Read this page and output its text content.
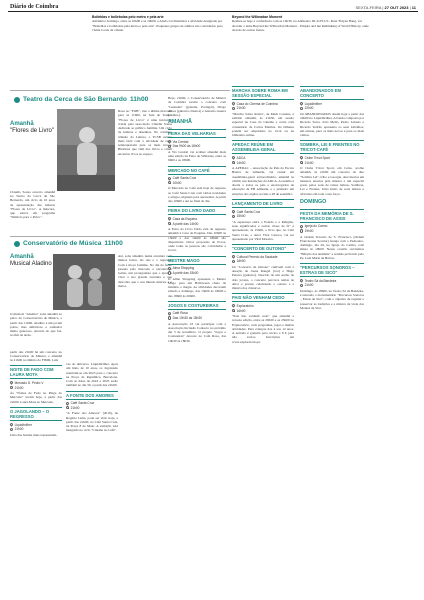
Diário de Coimbra	SEXTA-FEIRA | 27 OUT 2023 | 11
Bolleblas e bollebolas pelo metro e pela arte
Amanhã e domingo, entre as 10h00 e as 19h00, a Abela vai dinamizar a atividade designada por "Bolleblas e bollebolas pela metro e pela arte". Pequenos grupos de adultos são convidados para visitar locais da cidade.
Beyond the Willowdan Moment
Realiza-se hoje a conferência com as 14h30, no Anfiteatro III da FLUC. Peter Fidyan Bang, vai abordar o tema Beyond the Willowdan Moment – Empire and the Rethinking of World History, onde através de outras fontes.
Teatro da Cerca de São Bernardo 11h00
Amanhã
"Flores de Livro"

Cláudia Sousa encerra amanhã no Teatro da Cerca de São Bernardo, um ciclo de 10 anos de apresentação das leituras "Flores de Livro". A máscara, que esteve em programa "Silêncio para o Palco".

Conservatório de Música 11h00
Amanhã
Musical Aladino

O musical "Aladino" sobe amanhã ao palco do Conservatório de Música, a partir das 11h00. Aladino é um jovem pobre, mas ambicioso e sonhador muito generoso. Através do que faz, no fim da tarde.

partir das 21h00 há um concerto no Conservatório de Música, e amanhã às 21h00 no âmbito do FIMD. Luís

NOITE DE FADO COM LAURA MOTA
Mercado D. Pedro V
21h00

Às "Noites de Fado no Pinga do Mercado" levam hoje, a partir das 21h00, Laura Mota ao Mercado.

O JAGOLANDO – O REGRESSO
Liquidbrilher
21h00

Uma das bandas mais representati-

Rosa no "FOB", traz a última marcada para as 11h00, na Sala do Teatro. "Flores de Livro" é uma iniciativa criada pela associação Cláudia Sousa dedicada ao público familiar. Um ciclo de leituras e desenhos. No contínuo trânsito da Leitura, o TCSB estaria mais fácil com a atividade de ruas, reinterpretada para os mais novos. Histórias que vêm dos livros e criam encantos vivos no espaço.

Até, sobe amanhã, numa aventura com muitos feitos. Os reis e o regresso. Com a moça Jasmine. No dia da festa, passeia pelo mercado e encontra o Génio, um protagonista que o ajuda a viver a sua grande aventura e que descobre que o seu mundo interior é o maior.

vas do universo. Liquidbrilher. Após um hiato de 10 anos, os Jagolando reuniram-se em 2023 para o concerto na Praça da República, Barcelona. Com as datas de 2024 e 2025 serão também no dia 30, a partir das 21h00.

A FONTE DOS AMORES
Café Santa Cruz
21h00

"A Fonte dos Amores" (2016), de Rogério Lima, pode ser visto hoje, a partir das 21h00, no Café Santa Cruz, na Praça 8 de Maio. A exibição está integrada no ciclo "Cinema no Café".

Hoje, 21h00, o Conservatório de Música de Coimbra recebe o concerto com "Lusiadas" (gratuita, Portugal), Diogo Alves (guitarra clássica) e Antonio Guerra (violino).

AMANHÃ
FEIRA DAS VELHARIAS
Via Central
Das 9h00 às 18h00

A Via Central vai acolher amanhã mais uma edição da Feira de Velharias, entre as 9h00 e as 18h00.

MERCADO NO CAFÉ
Café Santa Cruz
10h00

O Mercado no Café está hoje de regresso ao Café Santa Cruz com várias novidades e artigos originais para apresentar. A partir das 10h00 e até ao final do dia.

FEIRA DO LIVRO DADO
Casa da Esquina
A partir das 14h00

A Feira do Livro Dado está de regresso amanhã à Casa da Esquina. Das 10h00 às 13h00 e das 14h00 às 18h00 são disponíveis vários propostas de livros, onde todas as pessoas são convidadas a trocar.

MESTRE MAGO
Alma Shopping
A partir das 15h00

O Alma Shopping apresenta o Mestre Mago para um Halloween cheio de mistério e magia. As atividades decorrem sábado e domingo, das 15h00 às 18h00 e das 18h00 às 20h00.

JOGOS E COSTUREIRAS
Café Rosa
Das 10h30 às 18h30

A Associação 23 vai participar com a Associação Inclusão Contacto no próximo dia 3 de novembro. O projeto "Jogos e Costureiras" decorre no Café Rosa, das 10h30 às 18h30.

MARCHA SOBRE ROMA EM SESSÃO ESPECIAL
Casa do Cinema de Coimbra
21h30

"Marcha Sobre Roma", de Mark Cousins, é exibido amanhã, às 21h30, em sessão especial na Casa do Cinema e conta com comentário de Carlos Martins. Os bilhetes podem ser adquiridos no local ou na bilheteira online.

APEDAC REÚNE EM ASSEMBLEIA-GERAL
ADCA
14h00

A APEDAC – Associação de Pais da Escola Básica de Almeida, vai reunir em assembleia-geral extraordinária, amanhã às 21h00, nas instalações da ADCA. A reunião é aberta a todos os pais e encarregados de educação da EB Almeida, e o primeiro em eleições dos órgãos sociais a 28 de setembro.

LANÇAMENTO DE LIVRO
Café Santa Cruz
15h00

"A esperança entre o Estado e a Religião, seus significados e outras crises de fé" é apresentado, às 15h00, o livro que, no Café Santa Cruz, o autor Vitor Canoca, vai ser apresentado por Vital Moreira.

"CONCERTO DE OUTONO"
Cultural Penedo da Saudade
18h00

Os "Concerto de Outono" cultivem com a atuação de Joana Rangel (voz) e Hugo Pereira (guitarra). Nascido de um sonho de dois jovens, o concerto percorre temas de amor e poesia, celebrando o outono e a música dos clássicos.

PAIS NÃO VENHAM CEDO
Exploratório
16h00

"Pais não venham cedo" que amanhã a novena edição, entre as 20h30 e as 23h00 no Exploratório, com programas, jogos e muitas atividades. Para crianças dos 4 aos 12 anos. A entrada é gratuita para sócios e 8 € para não sócios. Inscrições em www.exploratorio.pt.

ABANDONADOS EM CONCERTO
Liquidbrilher
22h00

Os ABANDONADOS atuam hoje a partir das 22h00 no Liquidbrilher. A banda composta por Ricardo Serra, João Mello, Pedro Lebado e Ricardo Teófilo apresenta os seus trabalhos, em estreia, para os mais novos e para os mais velhos.

SOMBRA, LEI E FRENTES NO TRICOT-CAFÉ
Clube Tricot Sport
21h00

O Clube Tricot Sport, em Celas, acolhe amanhã, às 21h00 um concerto do duo "Sombra Lei", tribo e Georgie, descobertos em intensos ensaios pela música e um especial gosto pelos sons de raízes latinas. Sombras, Lei e Frentes. Uma fusão de sons latinos e africanos em toda a sua força.

DOMINGO
FESTA DA MEMÓRIA DE S. FRANCISCO DE ASSIS
Igreja do Carmo
19h00

A Ordem Terceira de S. Francisco (Ordem Franciscana Secular) festeja com o Padroeiro, domingo, dia 29, na Igreja do Carmo, com missa às 19h00. Nessa ocasião ouviremos "Bênção dos Animais" e sermão proferido pelo Pe. Luís Maria de Barros.

"PERCURSOS SONOROS – ESTRAS DE SICÓ"
Teatro Sá da Bandeira
21h00

Domingo, às 18h00, no Teatro Sá da Bandeira, é estreado o documentário "Percursos Sonoros – Estras de Sicó", com o objetivo de registar e preservar as tradições e a música de viola dos Montes de Sicó.
